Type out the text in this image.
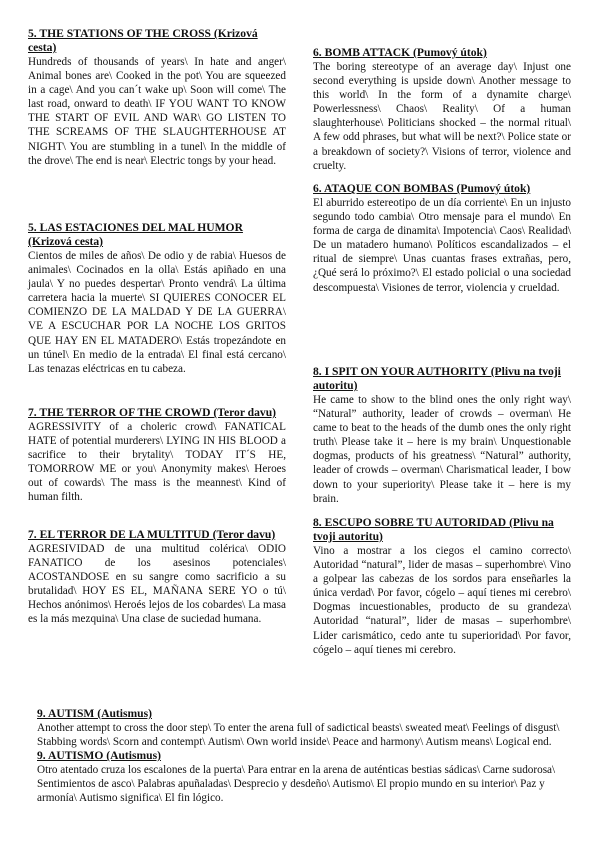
5. THE STATIONS OF THE CROSS (Krizová cesta)

Hundreds of thousands of years\ In hate and anger\ Animal bones are\ Cooked in the pot\ You are squeezed in a cage\ And you can´t wake up\ Soon will come\ The last road, onward to death\ IF YOU WANT TO KNOW THE START OF EVIL AND WAR\ GO LISTEN TO THE SCREAMS OF THE SLAUGHTERHOUSE AT NIGHT\ You are stumbling in a tunel\ In the middle of the drove\ The end is near\ Electric tongs by your head.

5. LAS ESTACIONES DEL MAL HUMOR (Krizová cesta)

Cientos de miles de años\ De odio y de rabia\ Huesos de animales\ Cocinados en la olla\ Estás apiñado en una jaula\ Y no puedes despertar\ Pronto vendrá\ La última carretera hacia la muerte\ SI QUIERES CONOCER EL COMIENZO DE LA MALDAD Y DE LA GUERRA\ VE A ESCUCHAR POR LA NOCHE LOS GRITOS QUE HAY EN EL MATADERO\ Estás tropezándote en un túnel\ En medio de la entrada\ El final está cercano\ Las tenazas eléctricas en tu cabeza.

7. THE TERROR OF THE CROWD (Teror davu)

AGRESSIVITY of a choleric crowd\ FANATICAL HATE of potential murderers\ LYING IN HIS BLOOD a sacrifice to their brytality\ TODAY IT´S HE, TOMORROW ME or you\ Anonymity makes\ Heroes out of cowards\ The mass is the meannest\ Kind of human filth.

7. EL TERROR DE LA MULTITUD (Teror davu)

AGRESIVIDAD de una multitud colérica\ ODIO FANATICO de los asesinos potenciales\ ACOSTANDOSE en su sangre como sacrificio a su brutalidad\ HOY ES EL, MAÑANA SERE YO o tú\ Hechos anónimos\ Heroés lejos de los cobardes\ La masa es la más mezquina\ Una clase de suciedad humana.

6. BOMB ATTACK (Pumový útok)

The boring stereotype of an average day\ Injust one second everything is upside down\ Another message to this world\ In the form of a dynamite charge\ Powerlessness\ Chaos\ Reality\ Of a human slaughterhouse\ Politicians shocked – the normal ritual\ A few odd phrases, but what will be next?\ Police state or a breakdown of society?\ Visions of terror, violence and cruelty.

6. ATAQUE CON BOMBAS (Pumový útok)

El aburrido estereotipo de un día corriente\ En un injusto segundo todo cambia\ Otro mensaje para el mundo\ En forma de carga de dinamita\ Impotencia\ Caos\ Realidad\ De un matadero humano\ Políticos escandalizados – el ritual de siempre\ Unas cuantas frases extrañas, pero, ¿Qué será lo próximo?\ El estado policial o una sociedad descompuesta\ Visiones de terror, violencia y crueldad.

8. I SPIT ON YOUR AUTHORITY (Plivu na tvoji autoritu)

He came to show to the blind ones the only right way\ “Natural” authority, leader of crowds – overman\ He came to beat to the heads of the dumb ones the only right truth\ Please take it – here is my brain\ Unquestionable dogmas, products of his greatness\ “Natural” authority, leader of crowds – overman\ Charismatical leader, I bow down to your superiority\ Please take it – here is my brain.

8. ESCUPO SOBRE TU AUTORIDAD (Plivu na tvoji autoritu)

Vino a mostrar a los ciegos el camino correcto\ Autoridad “natural”, lider de masas – superhombre\ Vino a golpear las cabezas de los sordos para enseñarles la única verdad\ Por favor, cógelo – aquí tienes mi cerebro\ Dogmas incuestionables, producto de su grandeza\ Autoridad “natural”, lider de masas – superhombre\ Lider carismático, cedo ante tu superioridad\ Por favor, cógelo – aquí tienes mi cerebro.

9. AUTISM (Autismus)

Another attempt to cross the door step\ To enter the arena full of sadictical beasts\ sweated meat\ Feelings of disgust\ Stabbing words\ Scorn and contempt\ Autism\ Own world inside\ Peace and harmony\ Autism means\ Logical end.

9. AUTISMO (Autismus)

Otro atentado cruza los escalones de la puerta\ Para entrar en la arena de auténticas bestias sádicas\ Carne sudorosa\ Sentimientos de asco\ Palabras apuñaladas\ Desprecio y desdeño\ Autismo\ El propio mundo en su interior\ Paz y armonía\ Autismo significa\ El fin lógico.
